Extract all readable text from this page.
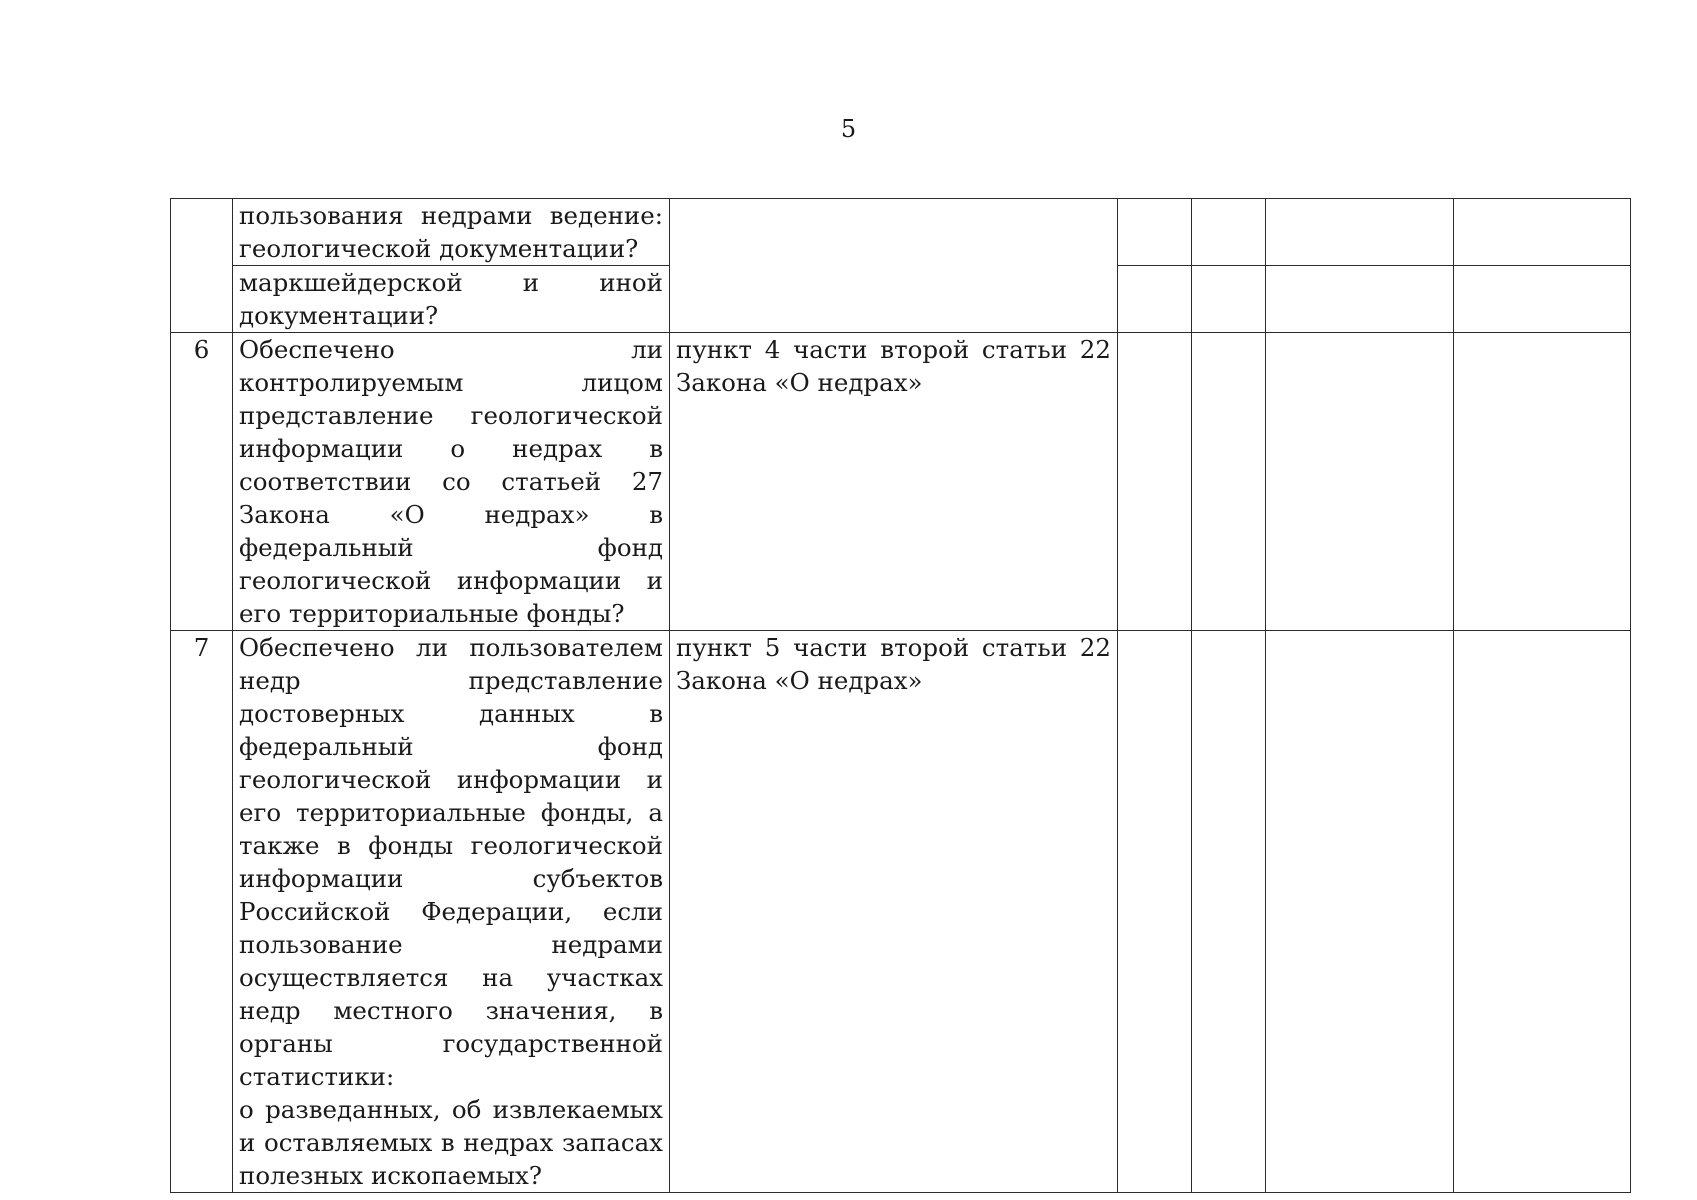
5
	пользования недрами ведение: геологической документации?					
	маркшейдерской и иной документации?					
6	Обеспечено ли контролируемым лицом представление геологической информации о недрах в соответствии со статьей 27 Закона «О недрах» в федеральный фонд геологической информации и его территориальные фонды?	пункт 4 части второй статьи 22 Закона «О недрах»				
7	Обеспечено ли пользователем недр представление достоверных данных в федеральный фонд геологической информации и его территориальные фонды, а также в фонды геологической информации субъектов Российской Федерации, если пользование недрами осуществляется на участках недр местного значения, в органы государственной статистики:
о разведанных, об извлекаемых и оставляемых в недрах запасах полезных ископаемых?	пункт 5 части второй статьи 22 Закона «О недрах»				
